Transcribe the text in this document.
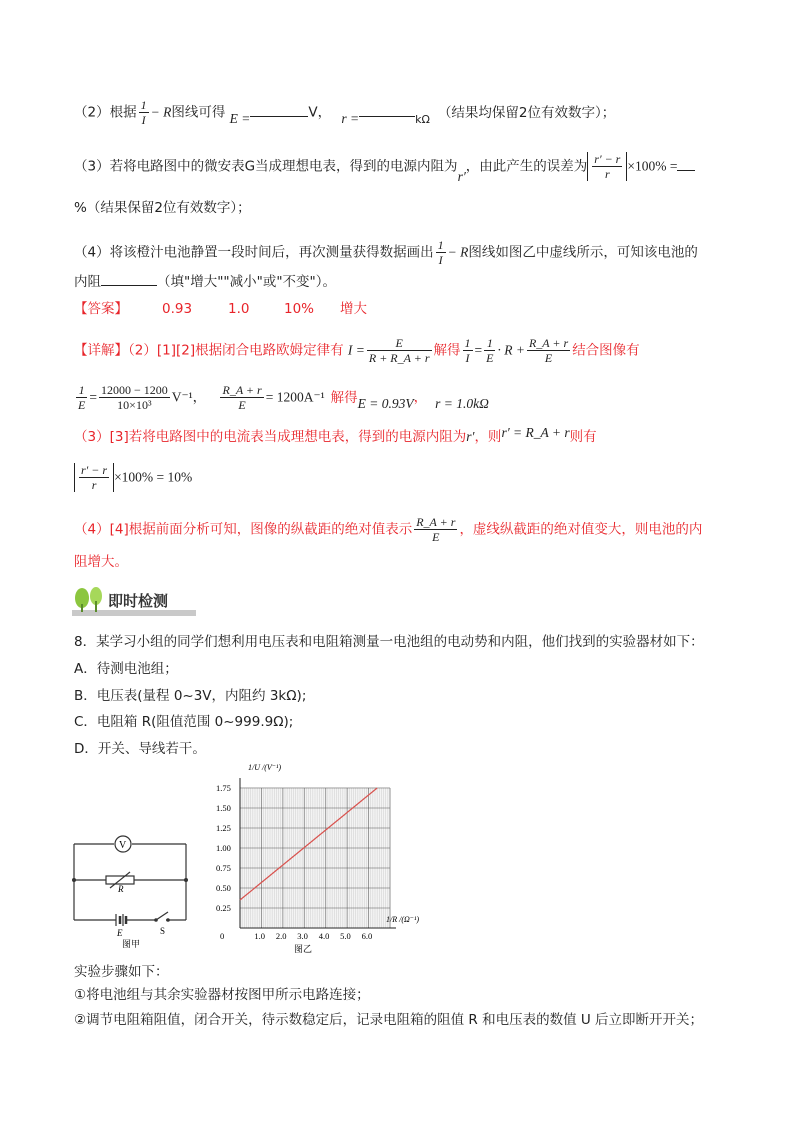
（2）根据 $\frac{1}{I} - R$图线可得 E =	V， r =	$_{k\Omega}$ （结果均保留2位有效数字）；
（3）若将电路图中的微安表G当成理想电表，得到的电源内阻为r′，由此产生的误差为 $\frac{r' - r}{r} \times 100\%$ =
%（结果保留2位有效数字）；
（4）将该橙汁电池静置一段时间后，再次测量获得数据画出 $\frac{1}{I} - R$图线如图乙中虚线所示，可知该电池的
内阻	（填"增大""减小"或"不变"）。
【答案】	0.93	1.0	10% 增大
【详解】（2）[1][2]根据闭合电路欧姆定律有 $I = \frac{E}{R + R\_A + r}$ 解得 $\frac{1}{I} = \frac{1}{E} \cdot R + \frac{R\_A + r}{E}$ 结合图像有
$\frac{1}{E} = \frac{12000 - 1200}{\text{10×10³}} V^{-1}$， $\frac{R\_A + r}{E} = 1200A^{-1}$ 解得E = 0.93V， r = 1.0kΩ
（3）[3]若将电路图中的电流表当成理想电表，得到的电源内阻为r′，则r′ = R_A + r则有
$\frac{r' - r}{r} \times 100\% = 10\%$
（4）[4]根据前面分析可知，图像的纵截距的绝对值表示 $\frac{R\_A + r}{E}$ ，虚线纵截距的绝对值变大，则电池的内
阻增大。
即时检测
8．某学习小组的同学们想利用电压表和电阻箱测量一电池组的电动势和内阻，他们找到的实验器材如下：
A．待测电池组；
B．电压表(量程 0~3V，内阻约 3kΩ);
C．电阻箱 R(阻值范围 0~999.9Ω);
D．开关、导线若干。
V
R
E	S
图甲
1.0 2.0 3.0 4.0 5.0 6.0
0.25
0.50
0.75
1.00
1.25
1.50
1.75
0
1/U /(V⁻¹)
1/R /(Ω⁻¹)
图乙
实验步骤如下：
①将电池组与其余实验器材按图甲所示电路连接；
②调节电阻箱阻值，闭合开关，待示数稳定后，记录电阻箱的阻值 R 和电压表的数值 U 后立即断开开关；
